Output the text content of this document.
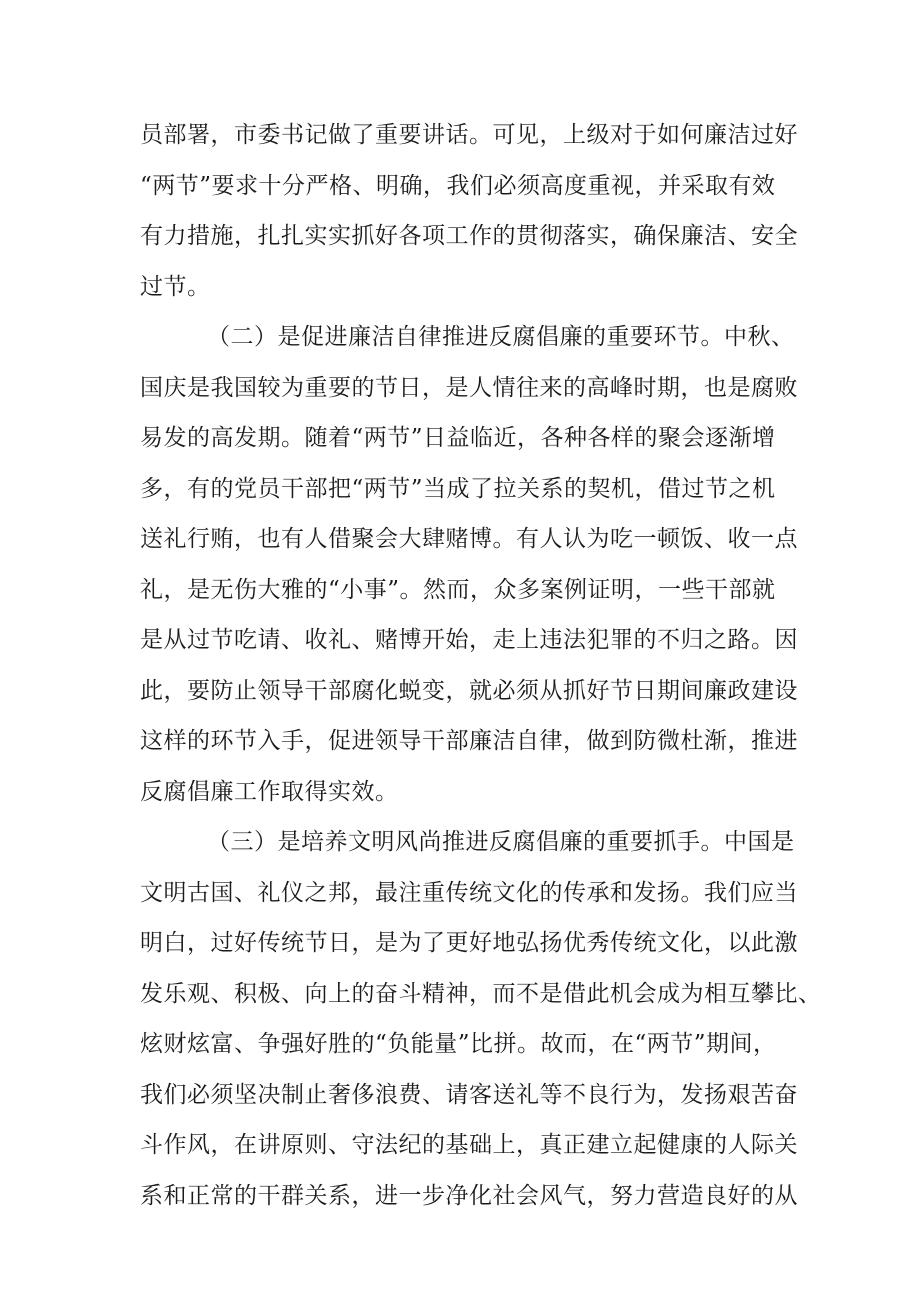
员部署，市委书记做了重要讲话。可见，上级对于如何廉洁过好
“两节”要求十分严格、明确，我们必须高度重视，并采取有效
有力措施，扎扎实实抓好各项工作的贯彻落实，确保廉洁、安全
过节。
（二）是促进廉洁自律推进反腐倡廉的重要环节。中秋、
国庆是我国较为重要的节日，是人情往来的高峰时期，也是腐败
易发的高发期。随着“两节”日益临近，各种各样的聚会逐渐增
多，有的党员干部把“两节”当成了拉关系的契机，借过节之机
送礼行贿，也有人借聚会大肆赌博。有人认为吃一顿饭、收一点
礼，是无伤大雅的“小事”。然而，众多案例证明，一些干部就
是从过节吃请、收礼、赌博开始，走上违法犯罪的不归之路。因
此，要防止领导干部腐化蜕变，就必须从抓好节日期间廉政建设
这样的环节入手，促进领导干部廉洁自律，做到防微杜渐，推进
反腐倡廉工作取得实效。
（三）是培养文明风尚推进反腐倡廉的重要抓手。中国是
文明古国、礼仪之邦，最注重传统文化的传承和发扬。我们应当
明白，过好传统节日，是为了更好地弘扬优秀传统文化，以此激
发乐观、积极、向上的奋斗精神，而不是借此机会成为相互攀比、
炫财炫富、争强好胜的“负能量”比拼。故而，在“两节”期间，
我们必须坚决制止奢侈浪费、请客送礼等不良行为，发扬艰苦奋
斗作风，在讲原则、守法纪的基础上，真正建立起健康的人际关
系和正常的干群关系，进一步净化社会风气，努力营造良好的从
